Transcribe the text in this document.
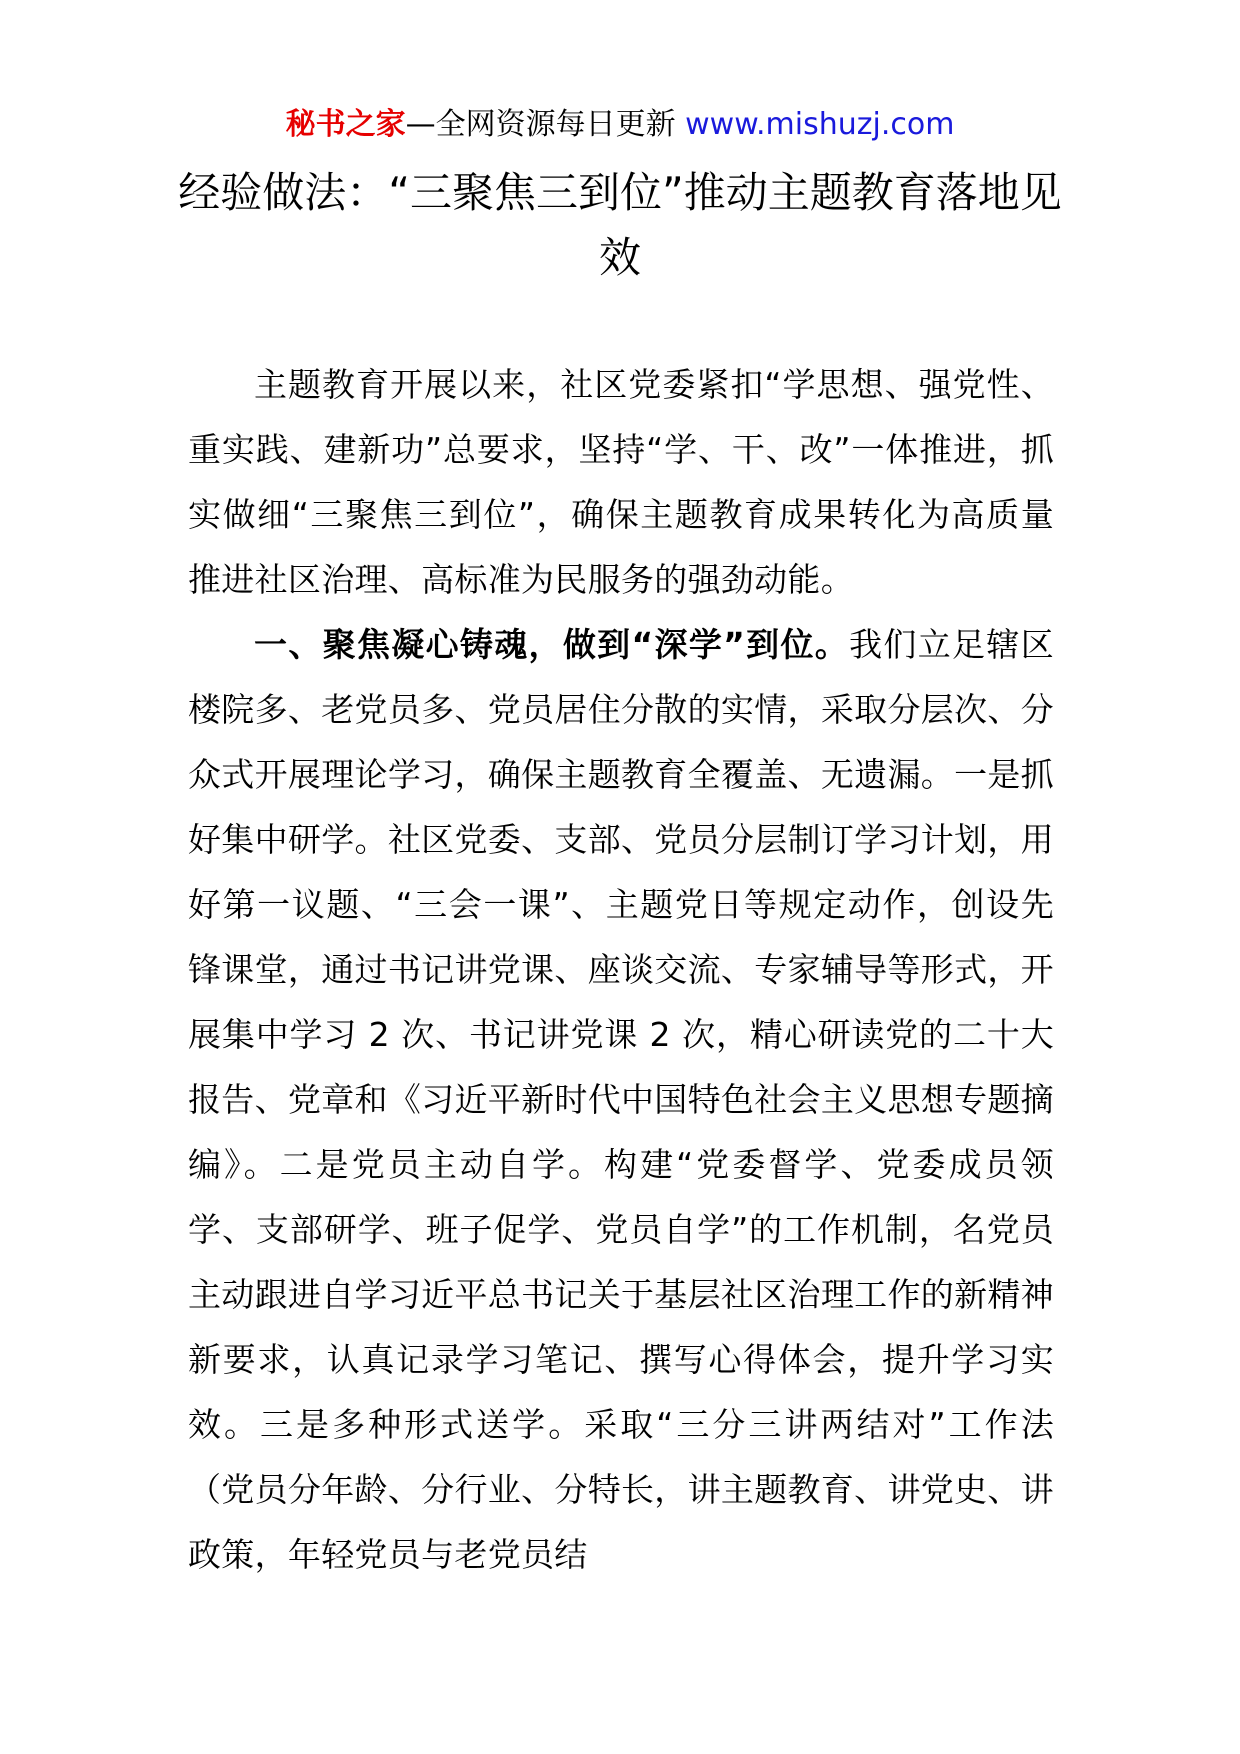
秘书之家—全网资源每日更新 www.mishuzj.com
经验做法：“三聚焦三到位”推动主题教育落地见效

主题教育开展以来，社区党委紧扣“学思想、强党性、重实践、建新功”总要求，坚持“学、干、改”一体推进，抓实做细“三聚焦三到位”，确保主题教育成果转化为高质量推进社区治理、高标准为民服务的强劲动能。

一、聚焦凝心铸魂，做到“深学”到位。我们立足辖区楼院多、老党员多、党员居住分散的实情，采取分层次、分众式开展理论学习，确保主题教育全覆盖、无遗漏。一是抓好集中研学。社区党委、支部、党员分层制订学习计划，用好第一议题、“三会一课”、主题党日等规定动作，创设先锋课堂，通过书记讲党课、座谈交流、专家辅导等形式，开展集中学习 2 次、书记讲党课 2 次，精心研读党的二十大报告、党章和《习近平新时代中国特色社会主义思想专题摘编》。二是党员主动自学。构建“党委督学、党委成员领学、支部研学、班子促学、党员自学”的工作机制，名党员主动跟进自学习近平总书记关于基层社区治理工作的新精神新要求，认真记录学习笔记、撰写心得体会，提升学习实效。三是多种形式送学。采取“三分三讲两结对”工作法（党员分年龄、分行业、分特长，讲主题教育、讲党史、讲政策，年轻党员与老党员结
